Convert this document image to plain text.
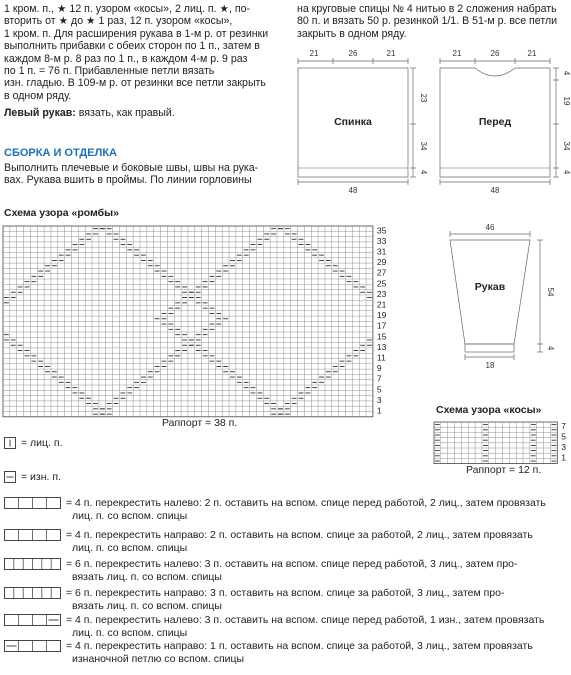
1 кром. п., ★ 12 п. узором «косы», 2 лиц. п. ★, по-

вторить от ★ до ★ 1 раз, 12 п. узором «косы»,

1 кром. п. Для расширения рукава в 1-м р. от резинки

выполнить прибавки с обеих сторон по 1 п., затем в

каждом 8-м р. 8 раз по 1 п., в каждом 4-м р. 9 раз

по 1 п. = 76 п. Прибавленные петли вязать

изн. гладью. В 109-м р. от резинки все петли закрыть

в одном ряду.

Левый рукав: вязать, как правый.

СБОРКА И ОТДЕЛКА

Выполнить плечевые и боковые швы, швы на рука-

вах. Рукава вшить в проймы. По линии горловины

на круговые спицы № 4 нитью в 2 сложения набрать

80 п. и вязать 50 р. резинкой 1/1. В 51-м р. все петли

закрыть в одном ряду.

21	26	21
23
34
4
48
21	26	21
4
19
34
4
48
46
54
4
18
Спинка	Перед
Рукав
Схема узора «ромбы»
35
33
31
29
27
25
23
21
19
17
15
13
11
9
7
5
3
1
Раппорт = 38 п.
Схема узора «косы»
7
5
3
1
Раппорт = 12 п.
= лиц. п.
= изн. п.
= 4 п. перекрестить налево: 2 п. оставить на вспом. спице перед работой, 2 лиц., затем провязать
лиц. п. со вспом. спицы
= 4 п. перекрестить направо: 2 п. оставить на вспом. спице за работой, 2 лиц., затем провязать
лиц. п. со вспом. спицы
= 6 п. перекрестить налево: 3 п. оставить на вспом. спице перед работой, 3 лиц., затем про-
вязать лиц. п. со вспом. спицы
= 6 п. перекрестить направо: 3 п. оставить на вспом. спице за работой, 3 лиц., затем про-
вязать лиц. п. со вспом. спицы
= 4 п. перекрестить налево: 3 п. оставить на вспом. спице перед работой, 1 изн., затем провязать
лиц. п. со вспом. спицы
= 4 п. перекрестить направо: 1 п. оставить на вспом. спице за работой, 3 лиц., затем провязать
изнаночной петлю со вспом. спицы
